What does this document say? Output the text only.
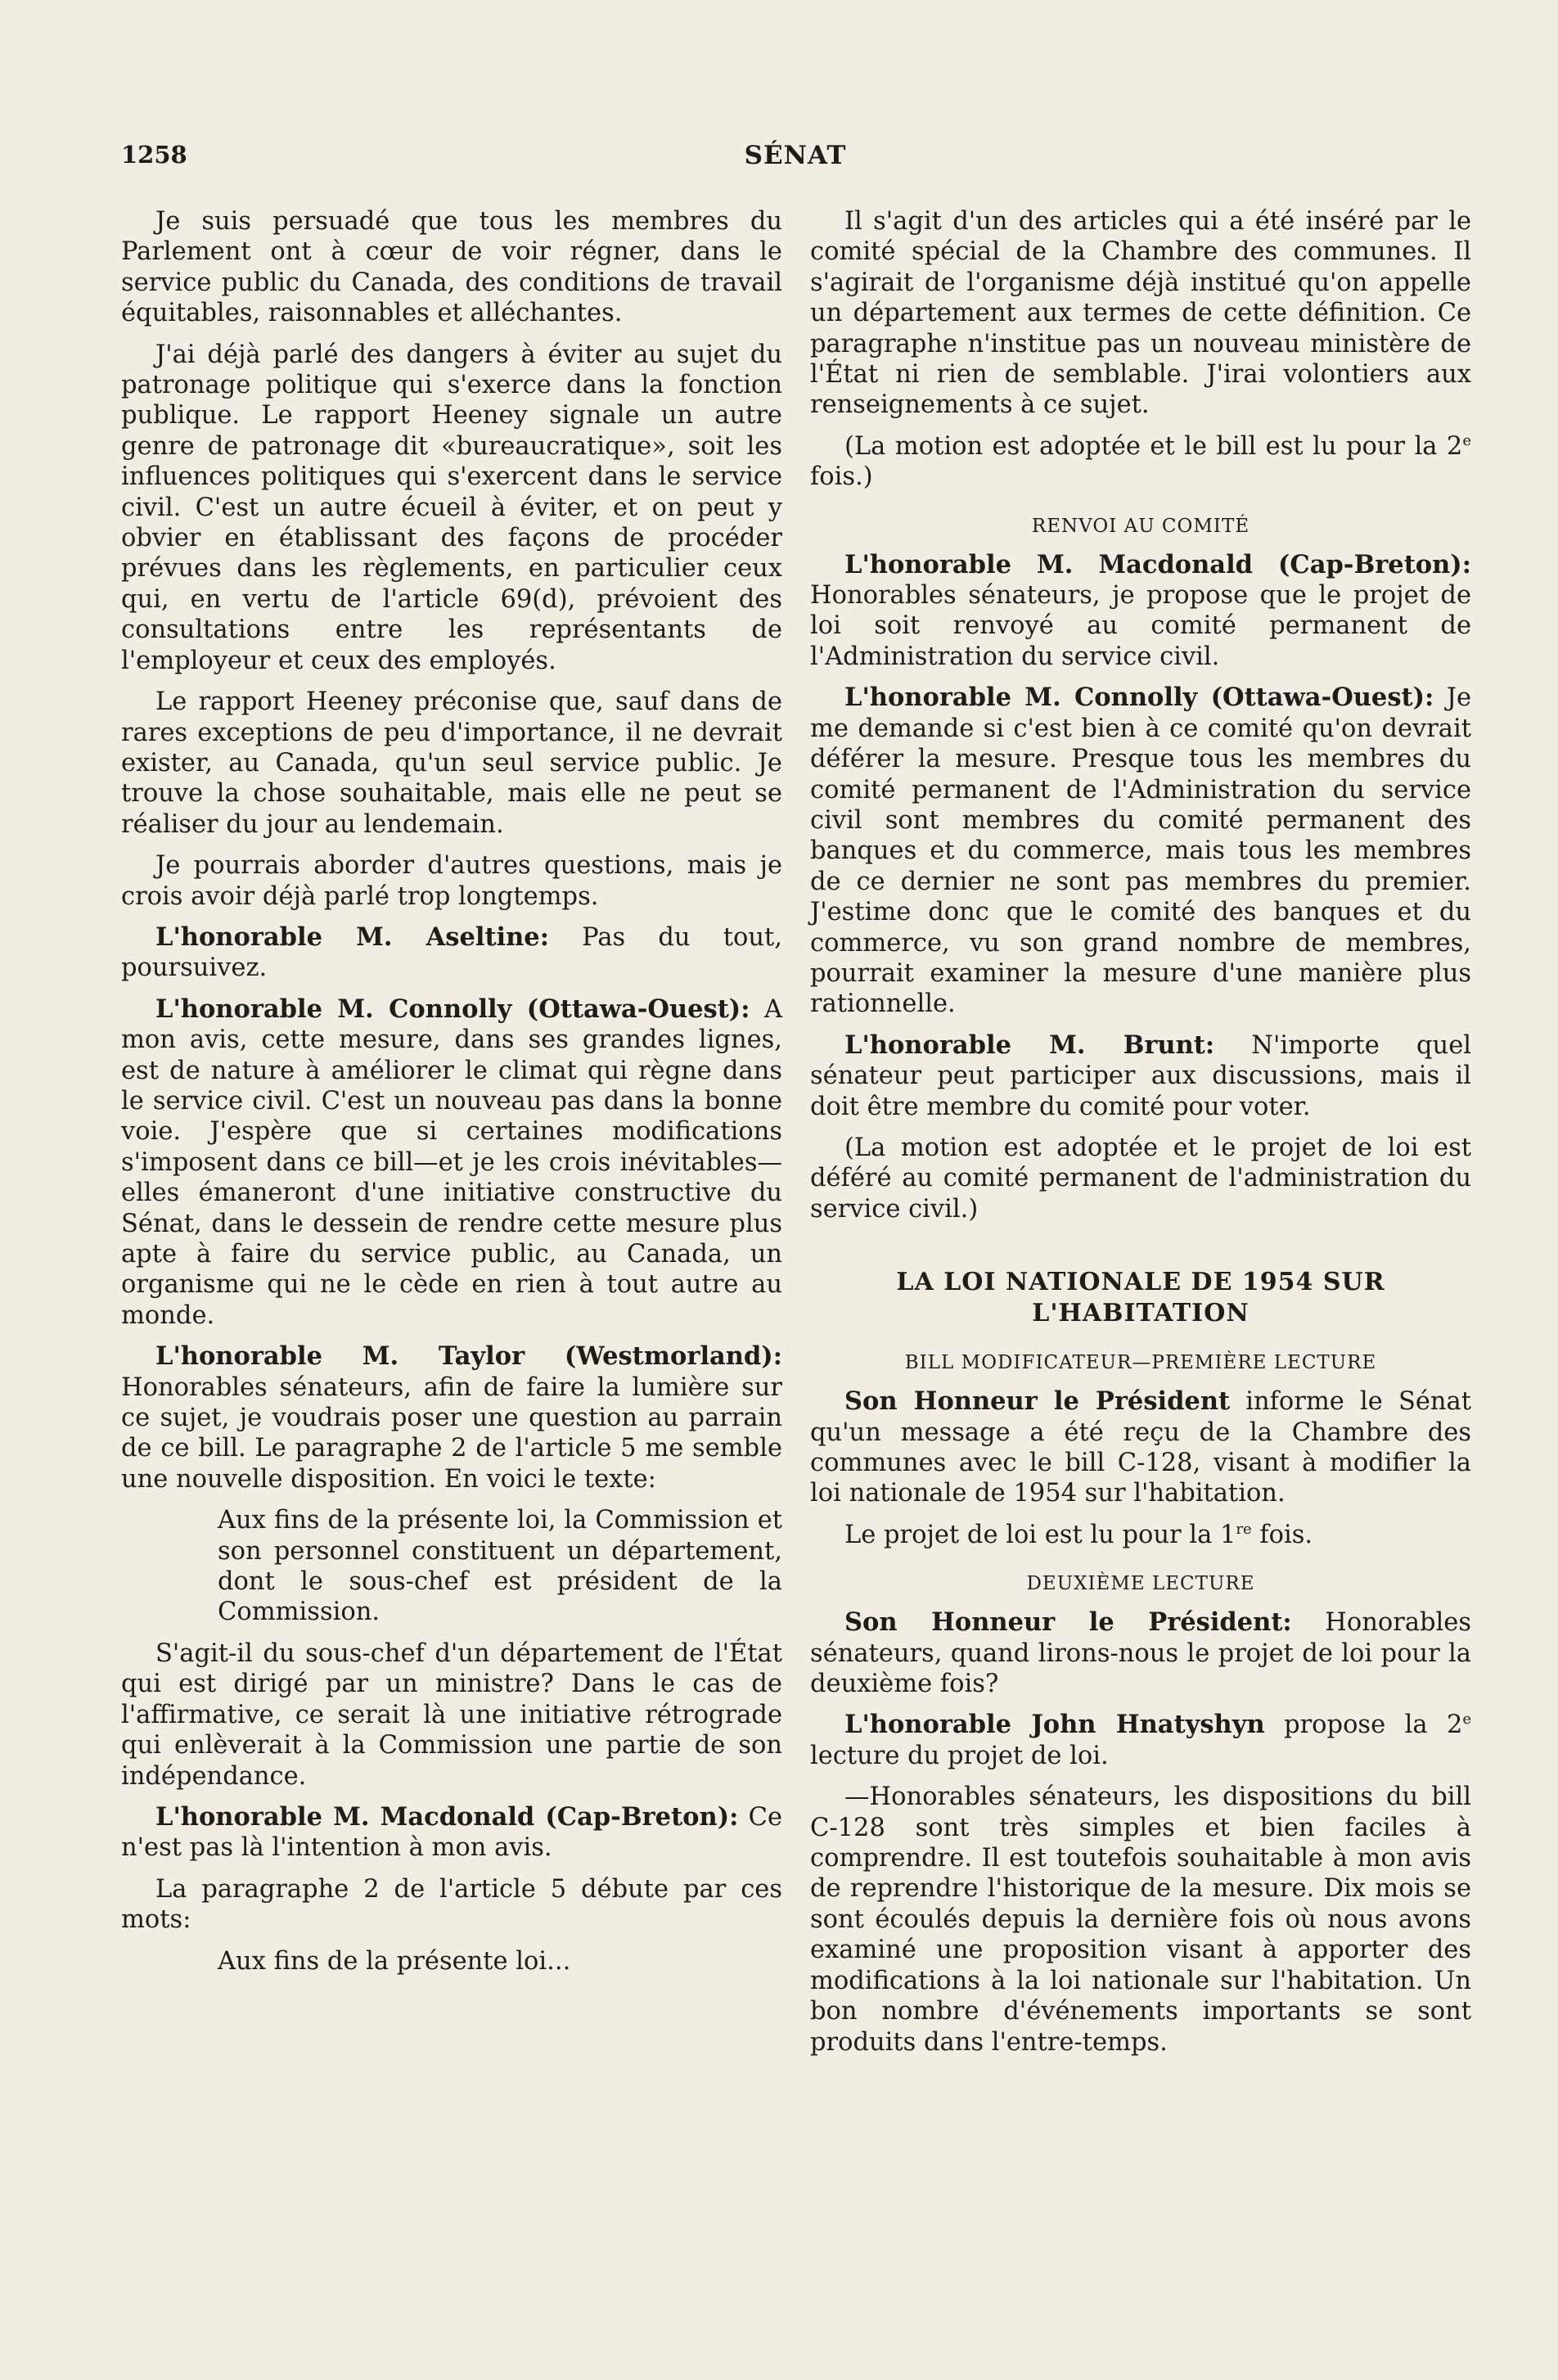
1258	SÉNAT

Je suis persuadé que tous les membres du Parlement ont à cœur de voir régner, dans le service public du Canada, des conditions de travail équitables, raisonnables et alléchantes.

J'ai déjà parlé des dangers à éviter au sujet du patronage politique qui s'exerce dans la fonction publique. Le rapport Heeney signale un autre genre de patronage dit «bureaucratique», soit les influences politiques qui s'exercent dans le service civil. C'est un autre écueil à éviter, et on peut y obvier en établissant des façons de procéder prévues dans les règlements, en particulier ceux qui, en vertu de l'article 69(d), prévoient des consultations entre les représentants de l'employeur et ceux des employés.

Le rapport Heeney préconise que, sauf dans de rares exceptions de peu d'importance, il ne devrait exister, au Canada, qu'un seul service public. Je trouve la chose souhaitable, mais elle ne peut se réaliser du jour au lendemain.

Je pourrais aborder d'autres questions, mais je crois avoir déjà parlé trop longtemps.

L'honorable M. Aseltine: Pas du tout, poursuivez.

L'honorable M. Connolly (Ottawa-Ouest): A mon avis, cette mesure, dans ses grandes lignes, est de nature à améliorer le climat qui règne dans le service civil. C'est un nouveau pas dans la bonne voie. J'espère que si certaines modifications s'imposent dans ce bill—et je les crois inévitables—elles émaneront d'une initiative constructive du Sénat, dans le dessein de rendre cette mesure plus apte à faire du service public, au Canada, un organisme qui ne le cède en rien à tout autre au monde.

L'honorable M. Taylor (Westmorland): Honorables sénateurs, afin de faire la lumière sur ce sujet, je voudrais poser une question au parrain de ce bill. Le paragraphe 2 de l'article 5 me semble une nouvelle disposition. En voici le texte:

Aux fins de la présente loi, la Commission et son personnel constituent un département, dont le sous-chef est président de la Commission.

S'agit-il du sous-chef d'un département de l'État qui est dirigé par un ministre? Dans le cas de l'affirmative, ce serait là une initiative rétrograde qui enlèverait à la Commission une partie de son indépendance.

L'honorable M. Macdonald (Cap-Breton): Ce n'est pas là l'intention à mon avis.

La paragraphe 2 de l'article 5 débute par ces mots:

Aux fins de la présente loi...

Il s'agit d'un des articles qui a été inséré par le comité spécial de la Chambre des communes. Il s'agirait de l'organisme déjà institué qu'on appelle un département aux termes de cette définition. Ce paragraphe n'institue pas un nouveau ministère de l'État ni rien de semblable. J'irai volontiers aux renseignements à ce sujet.

(La motion est adoptée et le bill est lu pour la 2e fois.)

RENVOI AU COMITÉ

L'honorable M. Macdonald (Cap-Breton): Honorables sénateurs, je propose que le projet de loi soit renvoyé au comité permanent de l'Administration du service civil.

L'honorable M. Connolly (Ottawa-Ouest): Je me demande si c'est bien à ce comité qu'on devrait déférer la mesure. Presque tous les membres du comité permanent de l'Administration du service civil sont membres du comité permanent des banques et du commerce, mais tous les membres de ce dernier ne sont pas membres du premier. J'estime donc que le comité des banques et du commerce, vu son grand nombre de membres, pourrait examiner la mesure d'une manière plus rationnelle.

L'honorable M. Brunt: N'importe quel sénateur peut participer aux discussions, mais il doit être membre du comité pour voter.

(La motion est adoptée et le projet de loi est déféré au comité permanent de l'administration du service civil.)

LA LOI NATIONALE DE 1954 SUR
L'HABITATION
BILL MODIFICATEUR—PREMIÈRE LECTURE

Son Honneur le Président informe le Sénat qu'un message a été reçu de la Chambre des communes avec le bill C-128, visant à modifier la loi nationale de 1954 sur l'habitation.

Le projet de loi est lu pour la 1re fois.

DEUXIÈME LECTURE

Son Honneur le Président: Honorables sénateurs, quand lirons-nous le projet de loi pour la deuxième fois?

L'honorable John Hnatyshyn propose la 2e lecture du projet de loi.

—Honorables sénateurs, les dispositions du bill C-128 sont très simples et bien faciles à comprendre. Il est toutefois souhaitable à mon avis de reprendre l'historique de la mesure. Dix mois se sont écoulés depuis la dernière fois où nous avons examiné une proposition visant à apporter des modifications à la loi nationale sur l'habitation. Un bon nombre d'événements importants se sont produits dans l'entre-temps.
